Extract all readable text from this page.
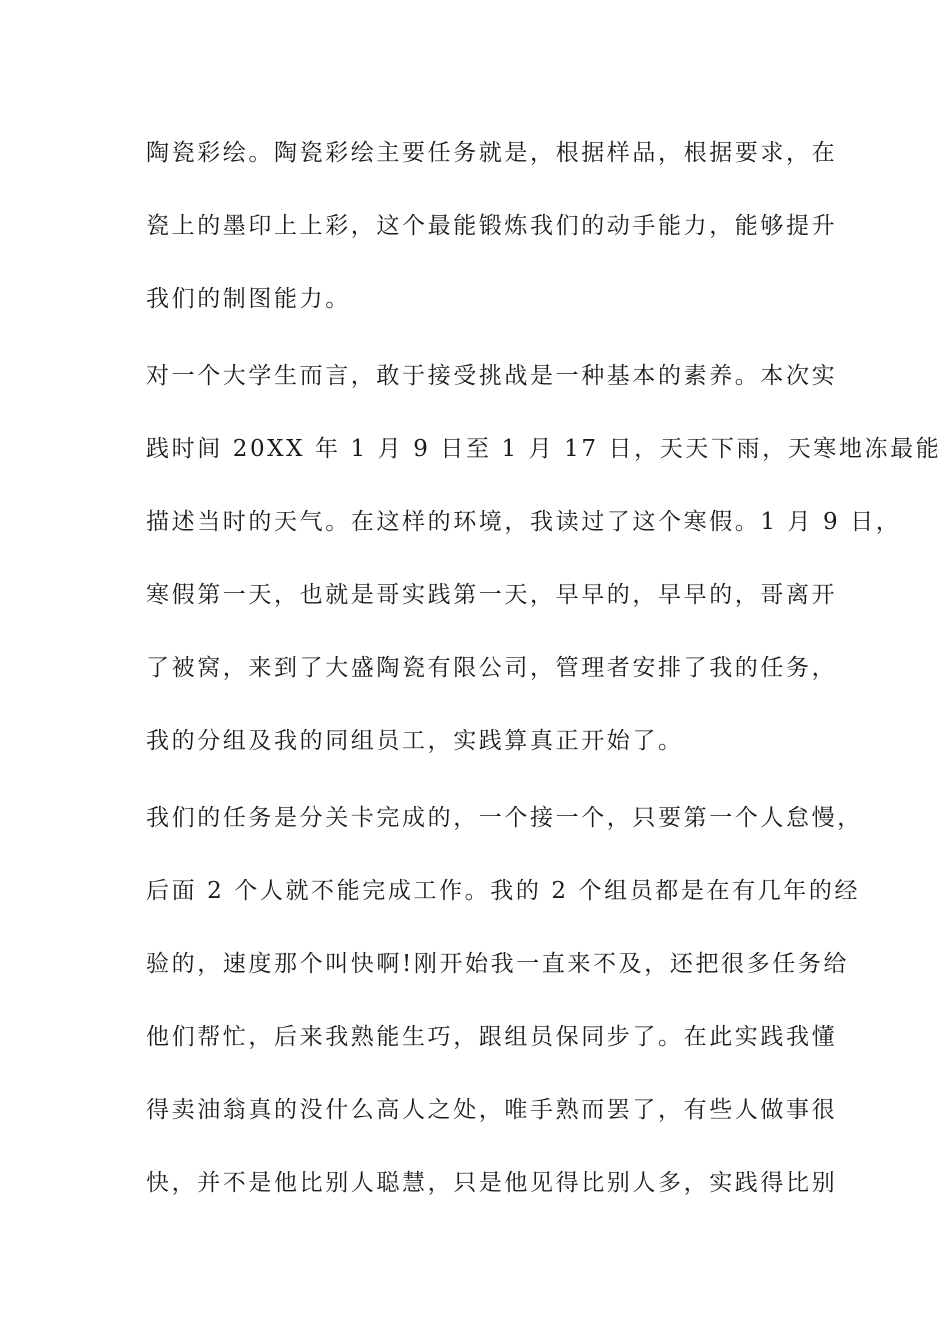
陶瓷彩绘。陶瓷彩绘主要任务就是，根据样品，根据要求，在
瓷上的墨印上上彩，这个最能锻炼我们的动手能力，能够提升
我们的制图能力。
对一个大学生而言，敢于接受挑战是一种基本的素养。本次实
践时间 20XX 年 1 月 9 日至 1 月 17 日，天天下雨，天寒地冻最能
描述当时的天气。在这样的环境，我读过了这个寒假。1 月 9 日，
寒假第一天，也就是哥实践第一天，早早的，早早的，哥离开
了被窝，来到了大盛陶瓷有限公司，管理者安排了我的任务，
我的分组及我的同组员工，实践算真正开始了。
我们的任务是分关卡完成的，一个接一个，只要第一个人怠慢，
后面 2 个人就不能完成工作。我的 2 个组员都是在有几年的经
验的，速度那个叫快啊!刚开始我一直来不及，还把很多任务给
他们帮忙，后来我熟能生巧，跟组员保同步了。在此实践我懂
得卖油翁真的没什么高人之处，唯手熟而罢了，有些人做事很
快，并不是他比别人聪慧，只是他见得比别人多，实践得比别
